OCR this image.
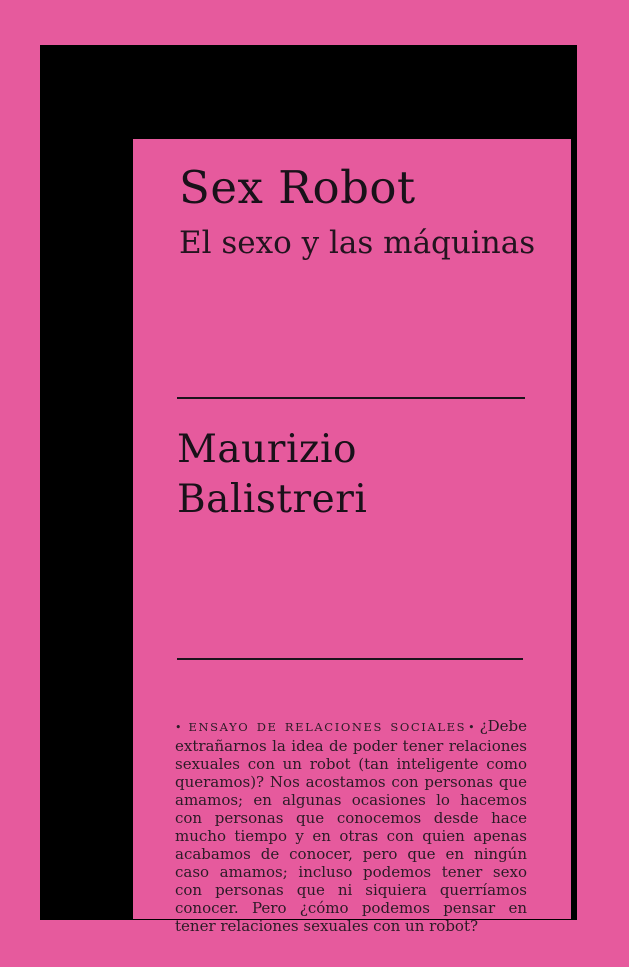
Sex Robot
El sexo y las máquinas
Maurizio
Balistreri

• ENSAYO DE RELACIONES SOCIALES • ¿Debe extrañarnos la idea de poder tener relaciones sexuales con un robot (tan inteligente como queramos)? Nos acostamos con personas que amamos; en algunas ocasiones lo hacemos con personas que conocemos desde hace mucho tiempo y en otras con quien apenas acabamos de conocer, pero que en ningún caso amamos; incluso podemos tener sexo con personas que ni siquiera querríamos conocer. Pero ¿cómo podemos pensar en tener relaciones sexuales con un robot?
